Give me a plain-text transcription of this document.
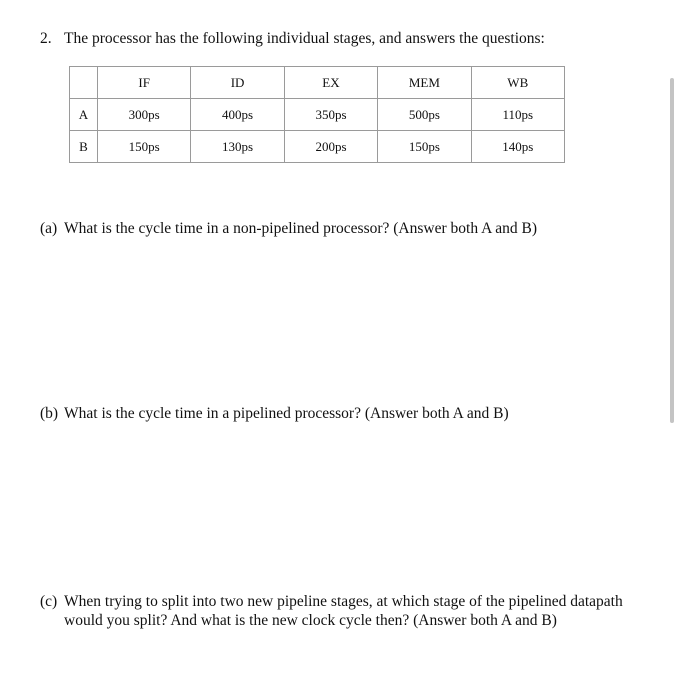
2. The processor has the following individual stages, and answers the questions:
	IF	ID	EX	MEM	WB
A	300ps	400ps	350ps	500ps	110ps
B	150ps	130ps	200ps	150ps	140ps
(a) What is the cycle time in a non-pipelined processor? (Answer both A and B)
(b) What is the cycle time in a pipelined processor? (Answer both A and B)
(c) When trying to split into two new pipeline stages, at which stage of the pipelined datapath would you split? And what is the new clock cycle then? (Answer both A and B)
